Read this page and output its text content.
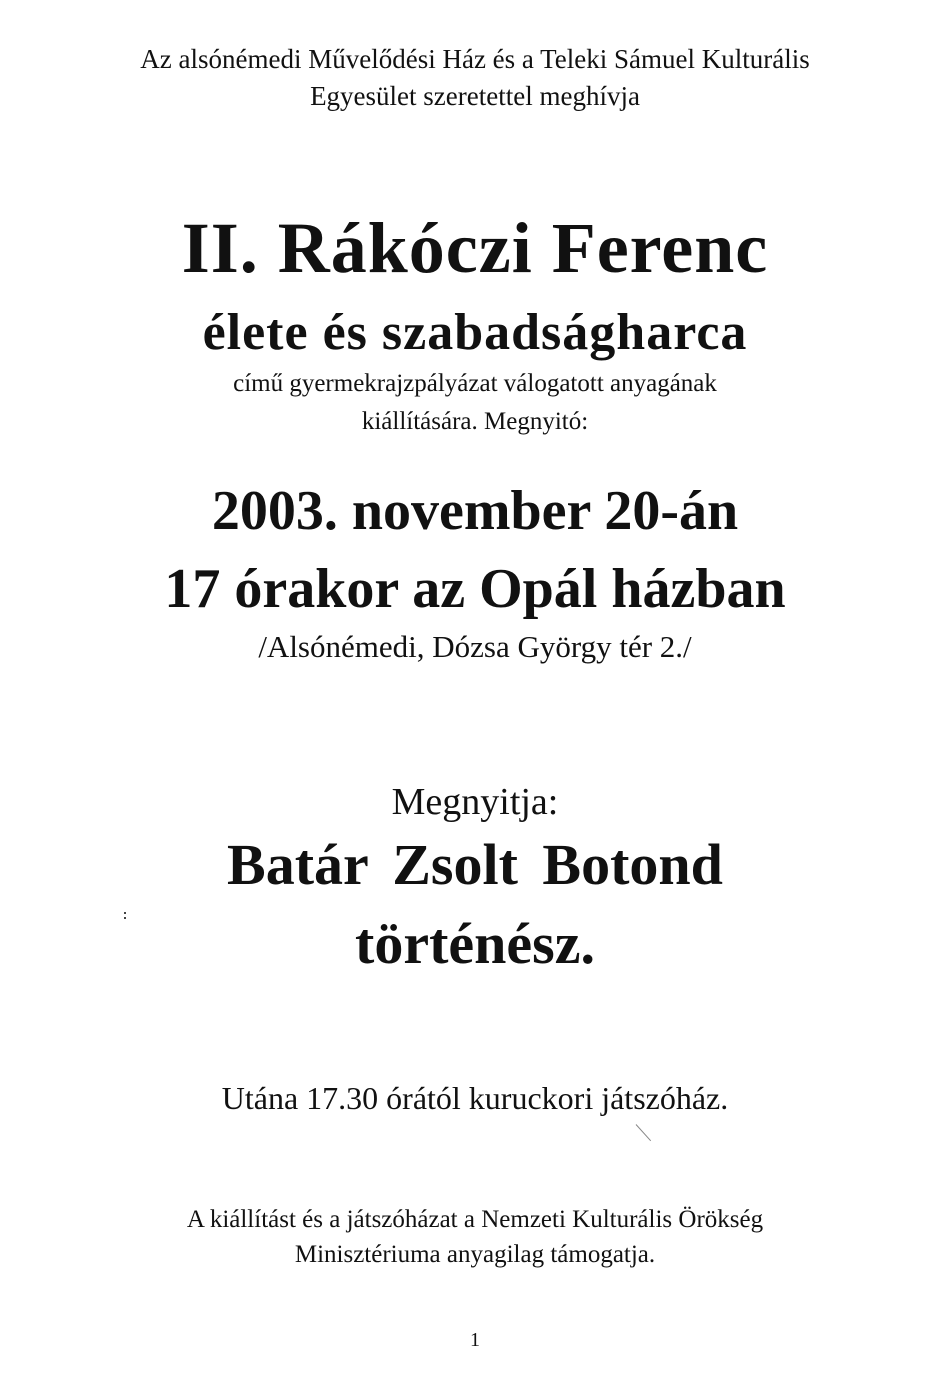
Az alsónémedi Művelődési Ház és a Teleki Sámuel Kulturális

Egyesület szeretettel meghívja

II. Rákóczi Ferenc

élete és szabadságharca

című gyermekrajzpályázat válogatott anyagának

kiállítására. Megnyitó:

2003. november 20-án

17 órakor az Opál házban

/Alsónémedi, Dózsa György tér 2./

Megnyitja:

Batár Zsolt Botond

történész.

Utána 17.30 órától kuruckori játszóház.

A kiállítást és a játszóházat a Nemzeti Kulturális Örökség

Minisztériuma anyagilag támogatja.

1
